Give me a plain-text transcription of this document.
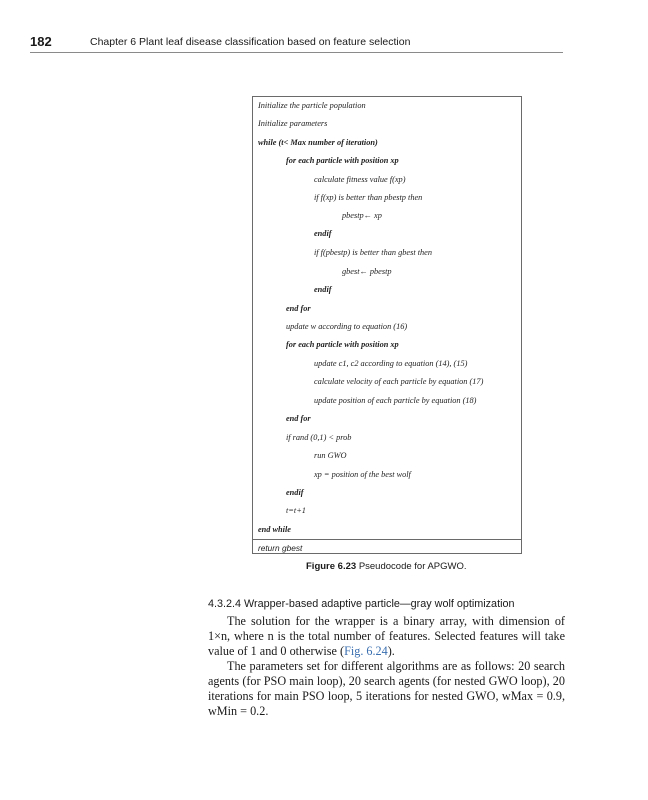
182	Chapter 6 Plant leaf disease classification based on feature selection
Initialize the particle population
Initialize parameters
while (t< Max number of iteration)
for each particle with position xp
calculate fitness value f(xp)
if f(xp) is better than pbestp then
pbestp← xp
endif
if f(pbestp) is better than gbest then
gbest← pbestp
endif
end for
update w according to equation (16)
for each particle with position xp
update c1, c2 according to equation (14), (15)
calculate velocity of each particle by equation (17)
update position of each particle by equation (18)
end for
if rand (0,1) < prob
run GWO
xp = position of the best wolf
endif
t=t+1
end while
return gbest
Figure 6.23 Pseudocode for APGWO.
4.3.2.4 Wrapper-based adaptive particle—gray wolf optimization

The solution for the wrapper is a binary array, with dimension of 1×n, where n is the total number of features. Selected features will take value of 1 and 0 otherwise (Fig. 6.24).

The parameters set for different algorithms are as follows: 20 search agents (for PSO main loop), 20 search agents (for nested GWO loop), 20 iterations for main PSO loop, 5 iterations for nested GWO, wMax = 0.9, wMin = 0.2.
